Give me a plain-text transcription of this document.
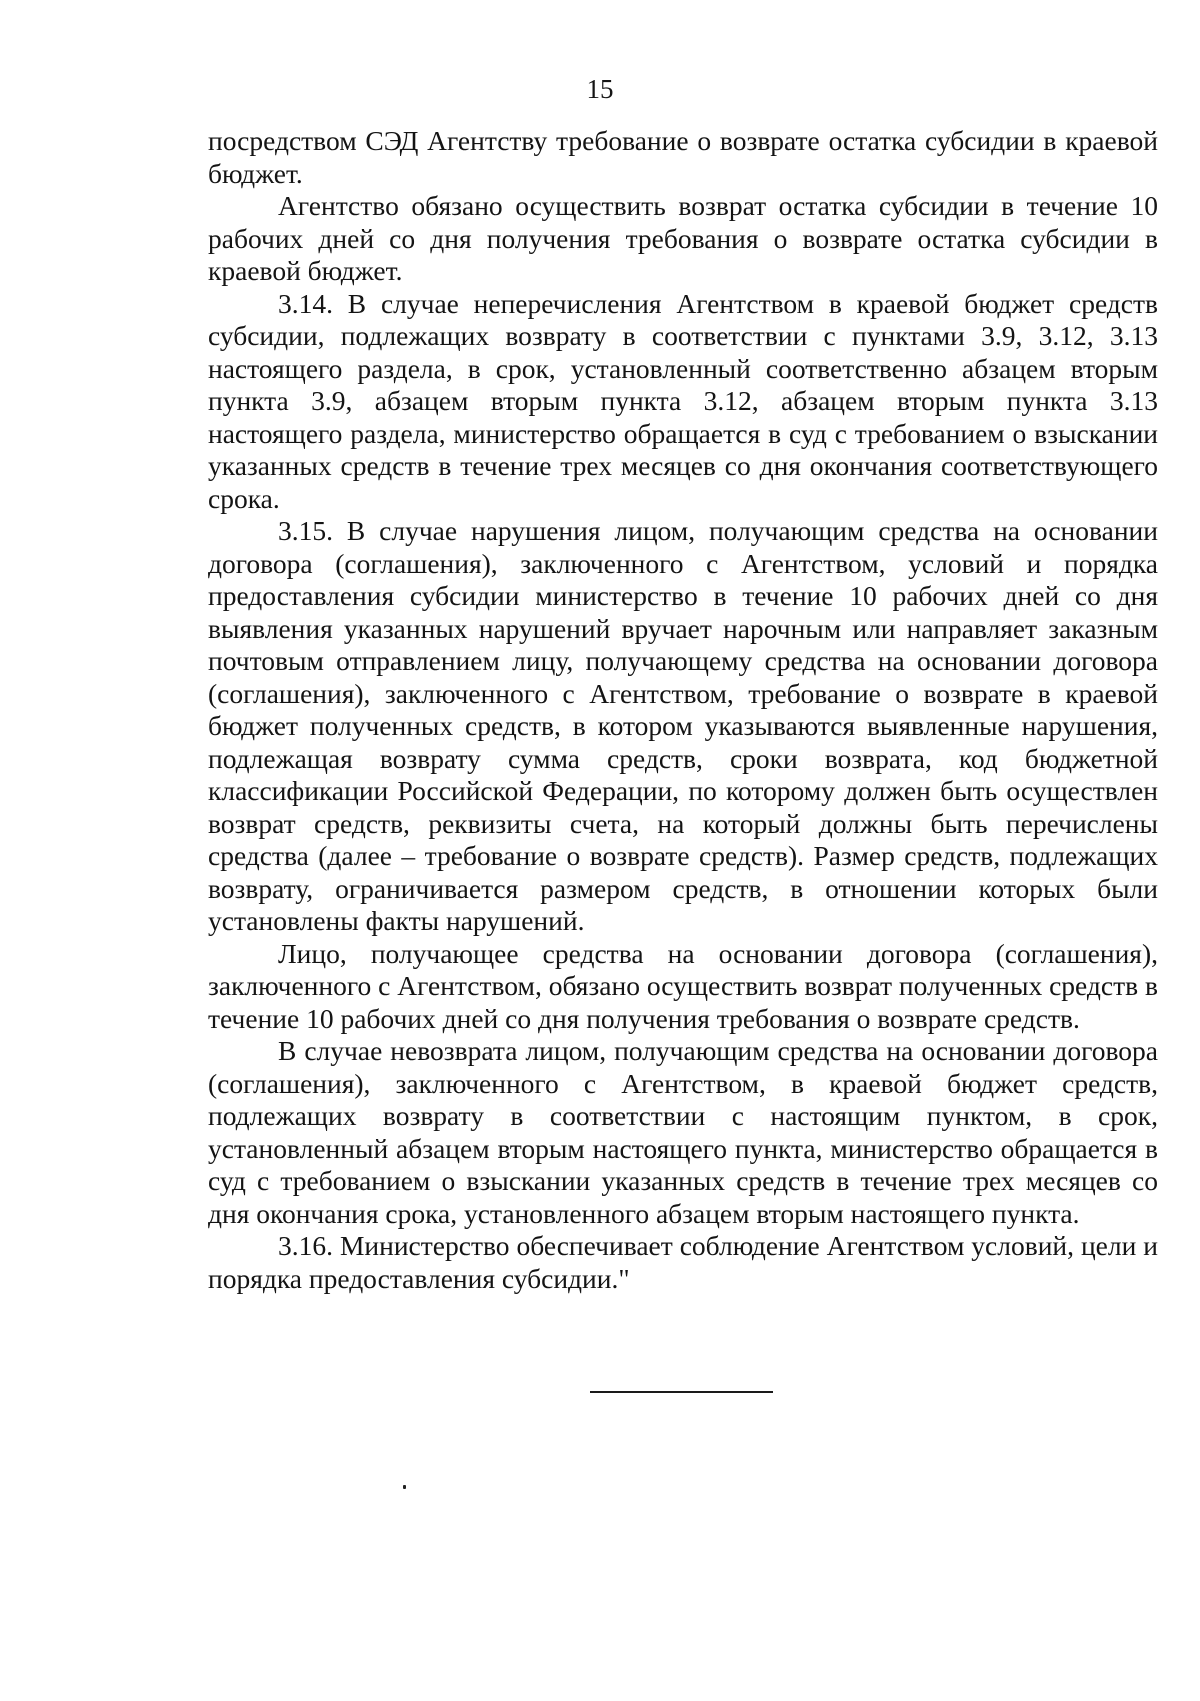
15

посредством СЭД Агентству требование о возврате остатка субсидии в краевой бюджет.

Агентство обязано осуществить возврат остатка субсидии в течение 10 рабочих дней со дня получения требования о возврате остатка субсидии в краевой бюджет.

3.14. В случае неперечисления Агентством в краевой бюджет средств субсидии, подлежащих возврату в соответствии с пунктами 3.9, 3.12, 3.13 настоящего раздела, в срок, установленный соответственно абзацем вторым пункта 3.9, абзацем вторым пункта 3.12, абзацем вторым пункта 3.13 настоящего раздела, министерство обращается в суд с требованием о взыскании указанных средств в течение трех месяцев со дня окончания соответствующего срока.

3.15. В случае нарушения лицом, получающим средства на основании договора (соглашения), заключенного с Агентством, условий и порядка предоставления субсидии министерство в течение 10 рабочих дней со дня выявления указанных нарушений вручает нарочным или направляет заказным почтовым отправлением лицу, получающему средства на основании договора (соглашения), заключенного с Агентством, требование о возврате в краевой бюджет полученных средств, в котором указываются выявленные нарушения, подлежащая возврату сумма средств, сроки возврата, код бюджетной классификации Российской Федерации, по которому должен быть осуществлен возврат средств, реквизиты счета, на который должны быть перечислены средства (далее – требование о возврате средств). Размер средств, подлежащих возврату, ограничивается размером средств, в отношении которых были установлены факты нарушений.

Лицо, получающее средства на основании договора (соглашения), заключенного с Агентством, обязано осуществить возврат полученных средств в течение 10 рабочих дней со дня получения требования о возврате средств.

В случае невозврата лицом, получающим средства на основании договора (соглашения), заключенного с Агентством, в краевой бюджет средств, подлежащих возврату в соответствии с настоящим пунктом, в срок, установленный абзацем вторым настоящего пункта, министерство обращается в суд с требованием о взыскании указанных средств в течение трех месяцев со дня окончания срока, установленного абзацем вторым настоящего пункта.

3.16. Министерство обеспечивает соблюдение Агентством условий, цели и порядка предоставления субсидии."
